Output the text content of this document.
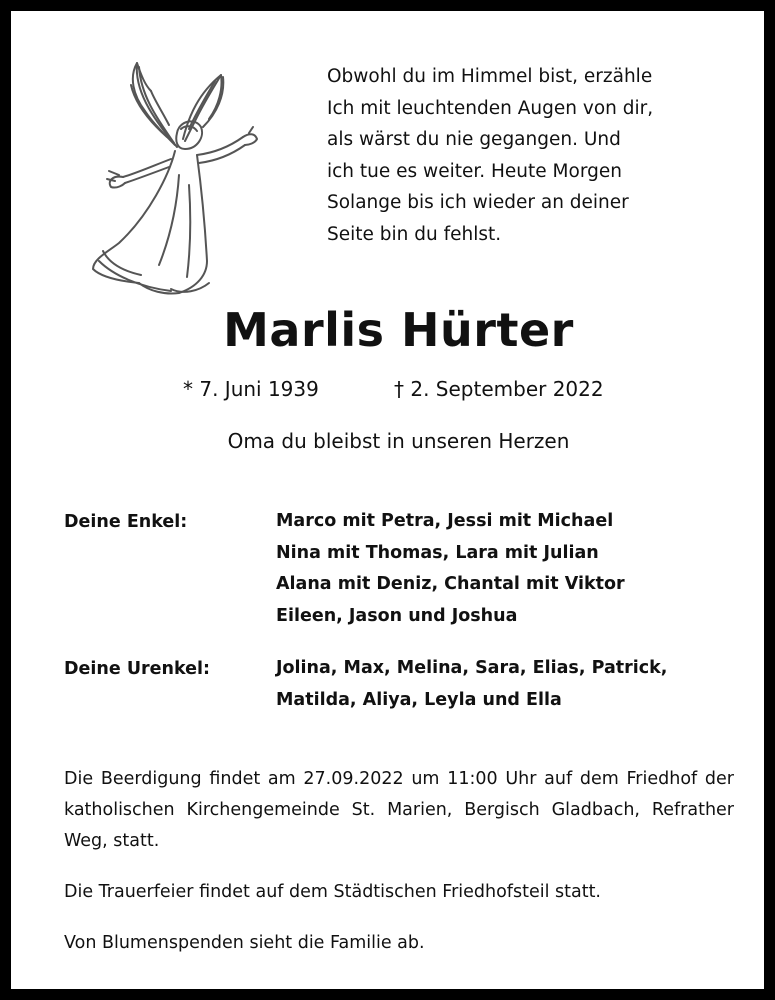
Obwohl du im Himmel bist, erzähle
Ich mit leuchtenden Augen von dir,
als wärst du nie gegangen. Und
ich tue es weiter. Heute Morgen
Solange bis ich wieder an deiner
Seite bin du fehlst.
Marlis Hürter
* 7. Juni 1939	† 2. September 2022
Oma du bleibst in unseren Herzen
Deine Enkel:	Marco mit Petra, Jessi mit Michael
Nina mit Thomas, Lara mit Julian
Alana mit Deniz, Chantal mit Viktor
Eileen, Jason und Joshua
Deine Urenkel:	Jolina, Max, Melina, Sara, Elias, Patrick,
Matilda, Aliya, Leyla und Ella
Die Beerdigung findet am 27.09.2022 um 11:00 Uhr auf dem Friedhof der katholischen Kirchengemeinde St. Marien, Bergisch Gladbach, Refrather Weg, statt.
Die Trauerfeier findet auf dem Städtischen Friedhofsteil statt.
Von Blumenspenden sieht die Familie ab.
